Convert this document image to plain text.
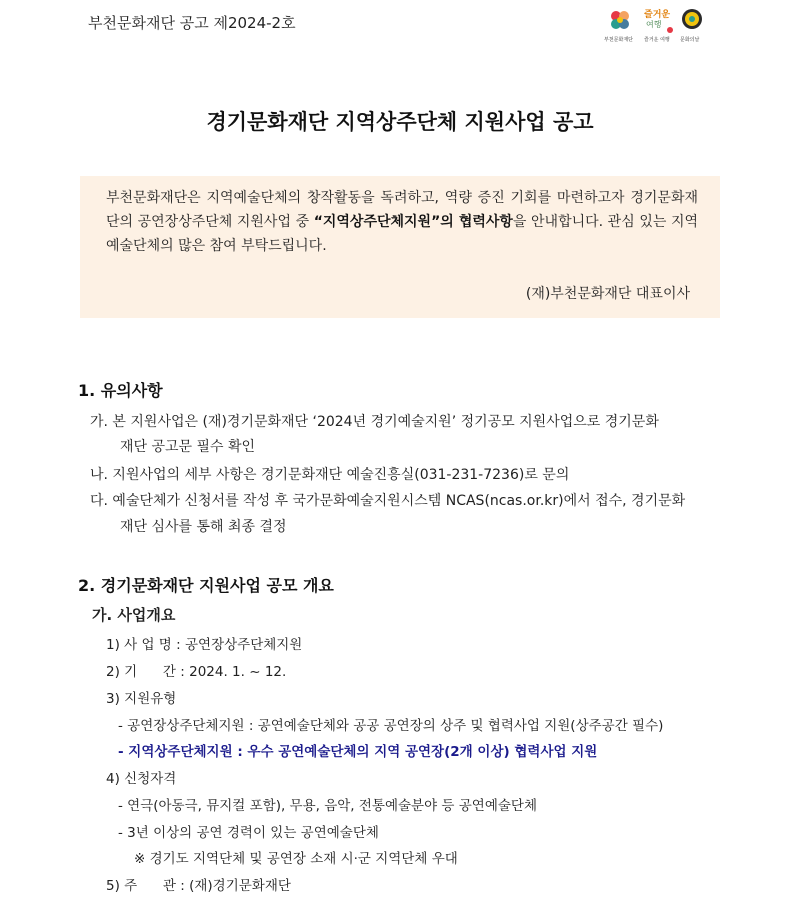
부천문화재단 공고 제2024-2호
부천문화재단
즐거운
여행
즐거운 여행 문화의날
경기문화재단 지역상주단체 지원사업 공고
부천문화재단은 지역예술단체의 창작활동을 독려하고, 역량 증진 기회를 마련하고자 경기문화재단의 공연장상주단체 지원사업 중 “지역상주단체지원”의 협력사항을 안내합니다. 관심 있는 지역 예술단체의 많은 참여 부탁드립니다.
(재)부천문화재단 대표이사
1. 유의사항
가. 본 지원사업은 (재)경기문화재단 ‘2024년 경기예술지원’ 정기공모 지원사업으로 경기문화
재단 공고문 필수 확인
나. 지원사업의 세부 사항은 경기문화재단 예술진흥실(031-231-7236)로 문의
다. 예술단체가 신청서를 작성 후 국가문화예술지원시스템 NCAS(ncas.or.kr)에서 접수, 경기문화
재단 심사를 통해 최종 결정
2. 경기문화재단 지원사업 공모 개요
가. 사업개요
1) 사 업 명 : 공연장상주단체지원
2) 기      간 : 2024. 1. ~ 12.
3) 지원유형
- 공연장상주단체지원 : 공연예술단체와 공공 공연장의 상주 및 협력사업 지원(상주공간 필수)
- 지역상주단체지원 : 우수 공연예술단체의 지역 공연장(2개 이상) 협력사업 지원
4) 신청자격
- 연극(아동극, 뮤지컬 포함), 무용, 음악, 전통예술분야 등 공연예술단체
- 3년 이상의 공연 경력이 있는 공연예술단체
※ 경기도 지역단체 및 공연장 소재 시·군 지역단체 우대
5) 주      관 : (재)경기문화재단
